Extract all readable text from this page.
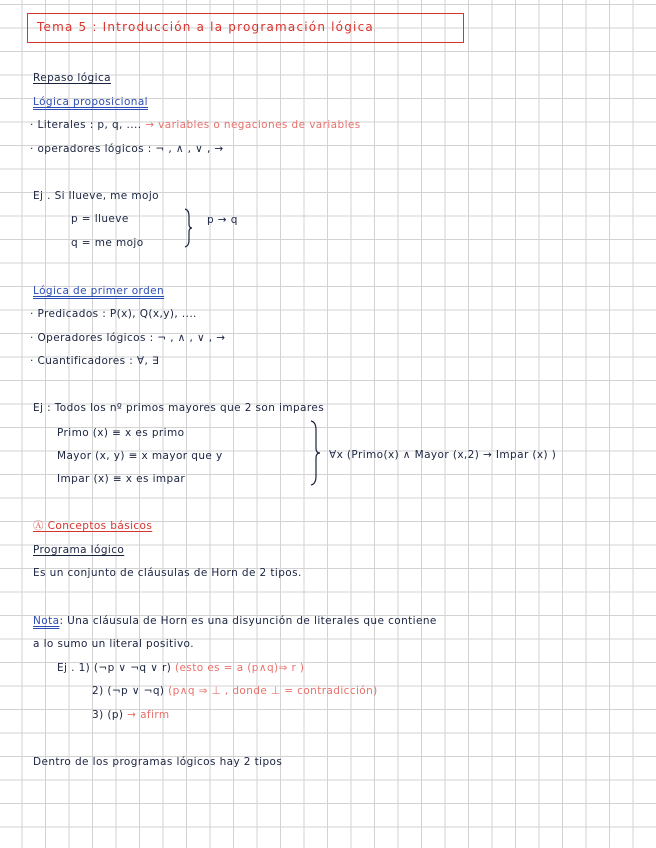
Tema 5 : Introducción a la programación lógica
Repaso lógica
Lógica proposicional
· Literales : p, q, .... → variables o negaciones de variables
· operadores lógicos : ¬ , ∧ , ∨ , →
Ej . Si llueve, me mojo
p = llueve
q = me mojo
p → q
Lógica de primer orden
· Predicados : P(x), Q(x,y), ....
· Operadores lógicos : ¬ , ∧ , ∨ , →
· Cuantificadores : ∀, ∃
Ej : Todos los nº primos mayores que 2 son impares
Primo (x) ≡ x es primo
Mayor (x, y) ≡ x mayor que y
Impar (x) ≡ x es impar
∀x (Primo(x) ∧ Mayor (x,2) → Impar (x) )
Ⓐ Conceptos básicos
Programa lógico
Es un conjunto de cláusulas de Horn de 2 tipos.
Nota: Una cláusula de Horn es una disyunción de literales que contiene
a lo sumo un literal positivo.
Ej . 1) (¬p ∨ ¬q ∨ r) (esto es = a (p∧q)⇒ r )
2) (¬p ∨ ¬q) (p∧q ⇒ ⊥ , donde ⊥ = contradicción)
3) (p) → afirm
Dentro de los programas lógicos hay 2 tipos
